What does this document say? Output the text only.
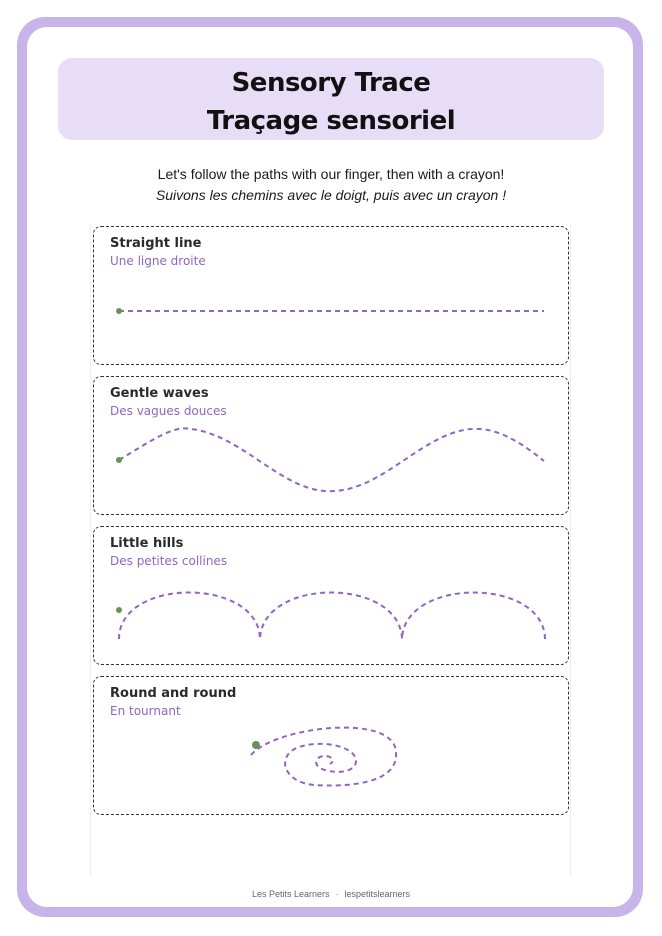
Sensory Trace
Traçage sensoriel
Let's follow the paths with our finger, then with a crayon!
Suivons les chemins avec le doigt, puis avec un crayon !
Straight line
Une ligne droite
Gentle waves
Des vagues douces
Little hills
Des petites collines
Round and round
En tournant
Les Petits Learners · lespetitslearners
